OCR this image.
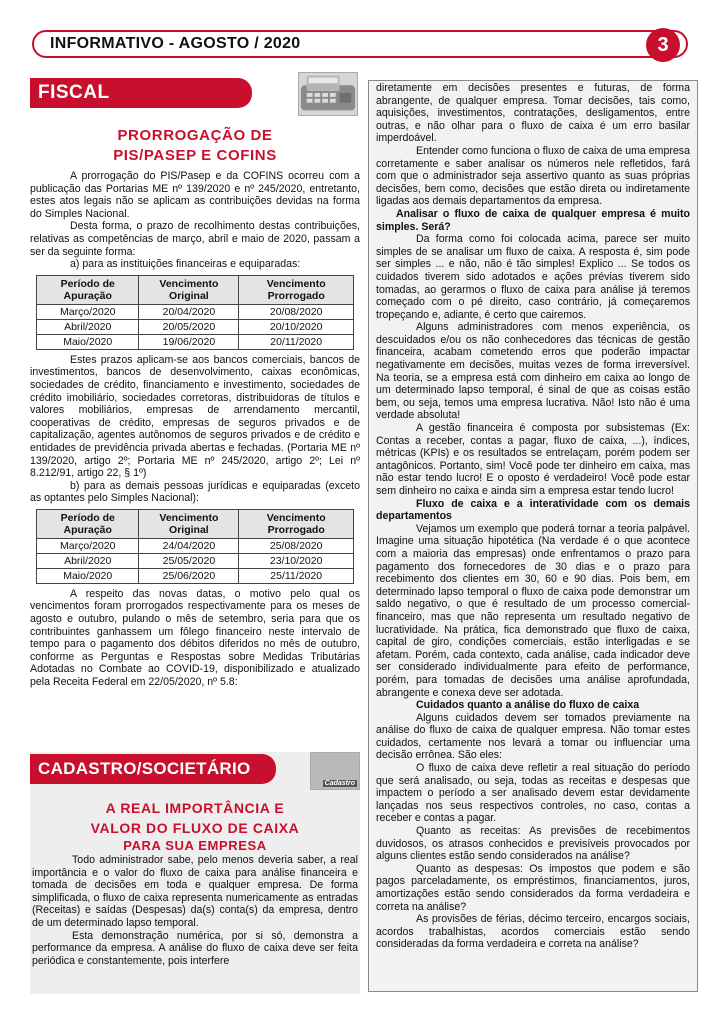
INFORMATIVO - AGOSTO / 2020	3
FISCAL
PRORROGAÇÃO DE
PIS/PASEP E COFINS

A prorrogação do PIS/Pasep e da COFINS ocorreu com a publicação das Portarias ME nº 139/2020 e nº 245/2020, entretanto, estes atos legais não se aplicam as contribuições devidas na forma do Simples Nacional.

Desta forma, o prazo de recolhimento destas contribuições, relativas as competências de março, abril e maio de 2020, passam a ser da seguinte forma:

a) para as instituições financeiras e equiparadas:

Período de Apuração	Vencimento Original	Vencimento Prorrogado
Março/2020	20/04/2020	20/08/2020
Abril/2020	20/05/2020	20/10/2020
Maio/2020	19/06/2020	20/11/2020

Estes prazos aplicam-se aos bancos comerciais, bancos de investimentos, bancos de desenvolvimento, caixas econômicas, sociedades de crédito, financiamento e investimento, sociedades de crédito imobiliário, sociedades corretoras, distribuidoras de títulos e valores mobiliários, empresas de arrendamento mercantil, cooperativas de crédito, empresas de seguros privados e de capitalização, agentes autônomos de seguros privados e de crédito e entidades de previdência privada abertas e fechadas. (Portaria ME nº 139/2020, artigo 2º; Portaria ME nº 245/2020, artigo 2º; Lei nº 8.212/91, artigo 22, § 1º)

b) para as demais pessoas jurídicas e equiparadas (exceto as optantes pelo Simples Nacional):

Período de Apuração	Vencimento Original	Vencimento Prorrogado
Março/2020	24/04/2020	25/08/2020
Abril/2020	25/05/2020	23/10/2020
Maio/2020	25/06/2020	25/11/2020

A respeito das novas datas, o motivo pelo qual os vencimentos foram prorrogados respectivamente para os meses de agosto e outubro, pulando o mês de setembro, seria para que os contribuintes ganhassem um fôlego financeiro neste intervalo de tempo para o pagamento dos débitos diferidos no mês de outubro, conforme as Perguntas e Respostas sobre Medidas Tributárias Adotadas no Combate ao COVID-19, disponibilizado e atualizado pela Receita Federal em 22/05/2020, nº 5.8:

CADASTRO/SOCIETÁRIO
Cadastro
A REAL IMPORTÂNCIA E
VALOR DO FLUXO DE CAIXA
PARA SUA EMPRESA

Todo administrador sabe, pelo menos deveria saber, a real importância e o valor do fluxo de caixa para análise financeira e tomada de decisões em toda e qualquer empresa. De forma simplificada, o fluxo de caixa representa numericamente as entradas (Receitas) e saídas (Despesas) da(s) conta(s) da empresa, dentro de um determinado lapso temporal.

Esta demonstração numérica, por si só, demonstra a performance da empresa. A análise do fluxo de caixa deve ser feita periódica e constantemente, pois interfere

diretamente em decisões presentes e futuras, de forma abrangente, de qualquer empresa. Tomar decisões, tais como, aquisições, investimentos, contratações, desligamentos, entre outras, e não olhar para o fluxo de caixa é um erro basilar imperdoável.

Entender como funciona o fluxo de caixa de uma empresa corretamente e saber analisar os números nele refletidos, fará com que o administrador seja assertivo quanto as suas próprias decisões, bem como, decisões que estão direta ou indiretamente ligadas aos demais departamentos da empresa.

Analisar o fluxo de caixa de qualquer empresa é muito simples. Será?

Da forma como foi colocada acima, parece ser muito simples de se analisar um fluxo de caixa. A resposta é, sim pode ser simples ... e não, não é tão simples! Explico ... Se todos os cuidados tiverem sido adotados e ações prévias tiverem sido tomadas, ao gerarmos o fluxo de caixa para análise já teremos começado com o pé direito, caso contrário, já começaremos tropeçando e, adiante, é certo que cairemos.

Alguns administradores com menos experiência, os descuidados e/ou os não conhecedores das técnicas de gestão financeira, acabam cometendo erros que poderão impactar negativamente em decisões, muitas vezes de forma irreversível. Na teoria, se a empresa está com dinheiro em caixa ao longo de um determinado lapso temporal, é sinal de que as coisas estão bem, ou seja, temos uma empresa lucrativa. Não! Isto não é uma verdade absoluta!

A gestão financeira é composta por subsistemas (Ex: Contas a receber, contas a pagar, fluxo de caixa, ...), índices, métricas (KPIs) e os resultados se entrelaçam, porém podem ser antagônicos. Portanto, sim! Você pode ter dinheiro em caixa, mas não estar tendo lucro! E o oposto é verdadeiro! Você pode estar sem dinheiro no caixa e ainda sim a empresa estar tendo lucro!

Fluxo de caixa e a interatividade com os demais departamentos

Vejamos um exemplo que poderá tornar a teoria palpável. Imagine uma situação hipotética (Na verdade é o que acontece com a maioria das empresas) onde enfrentamos o prazo para pagamento dos fornecedores de 30 dias e o prazo para recebimento dos clientes em 30, 60 e 90 dias. Pois bem, em determinado lapso temporal o fluxo de caixa pode demonstrar um saldo negativo, o que é resultado de um processo comercial-financeiro, mas que não representa um resultado negativo de lucratividade. Na prática, fica demonstrado que fluxo de caixa, capital de giro, condições comerciais, estão interligadas e se afetam. Porém, cada contexto, cada análise, cada indicador deve ser considerado individualmente para efeito de performance, porém, para tomadas de decisões uma análise aprofundada, abrangente e conexa deve ser adotada.

Cuidados quanto a análise do fluxo de caixa

Alguns cuidados devem ser tomados previamente na análise do fluxo de caixa de qualquer empresa. Não tomar estes cuidados, certamente nos levará a tomar ou influenciar uma decisão errônea. São eles:

O fluxo de caixa deve refletir a real situação do período que será analisado, ou seja, todas as receitas e despesas que impactem o período a ser analisado devem estar devidamente lançadas nos seus respectivos controles, no caso, contas a receber e contas a pagar.

Quanto as receitas: As previsões de recebimentos duvidosos, os atrasos conhecidos e previsíveis provocados por alguns clientes estão sendo considerados na análise?

Quanto as despesas: Os impostos que podem e são pagos parceladamente, os empréstimos, financiamentos, juros, amortizações estão sendo considerados da forma verdadeira e correta na análise?

As provisões de férias, décimo terceiro, encargos sociais, acordos trabalhistas, acordos comerciais estão sendo consideradas da forma verdadeira e correta na análise?
